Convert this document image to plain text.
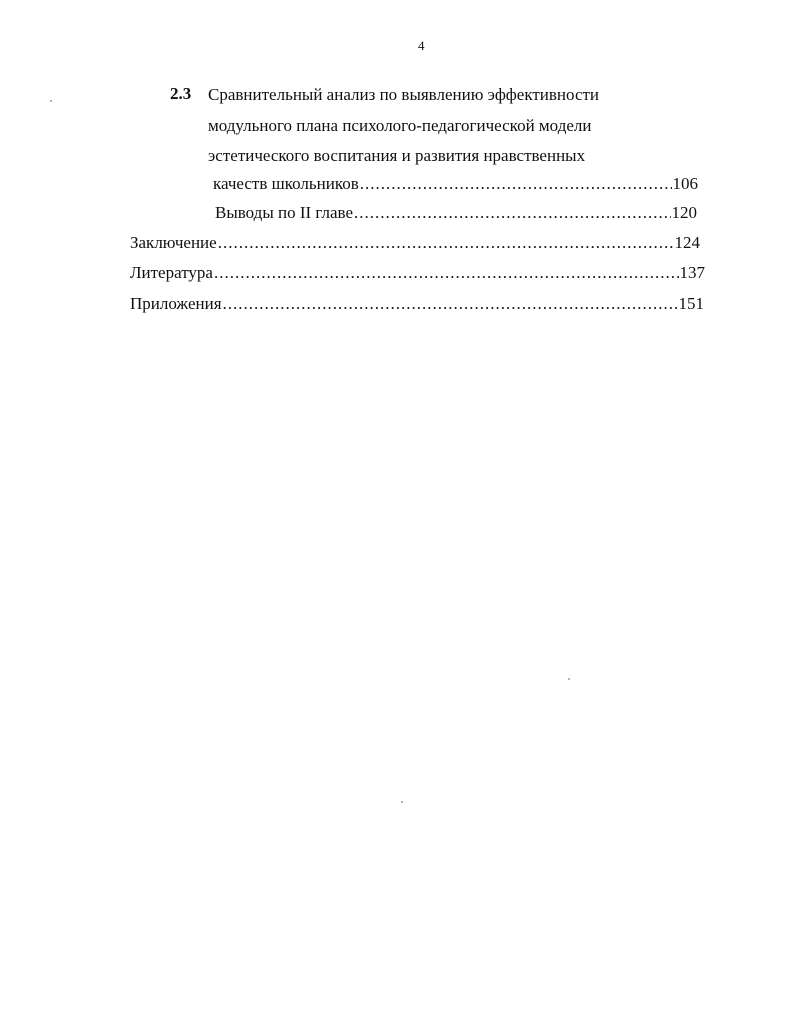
4
2.3 Сравнительный анализ по выявлению эффективности
модульного плана психолого-педагогической модели
эстетического воспитания и развития нравственных
качеств школьников .....	106
Выводы по II главе .....	120
Заключение .....	124
Литература .....	137
Приложения .....	151
